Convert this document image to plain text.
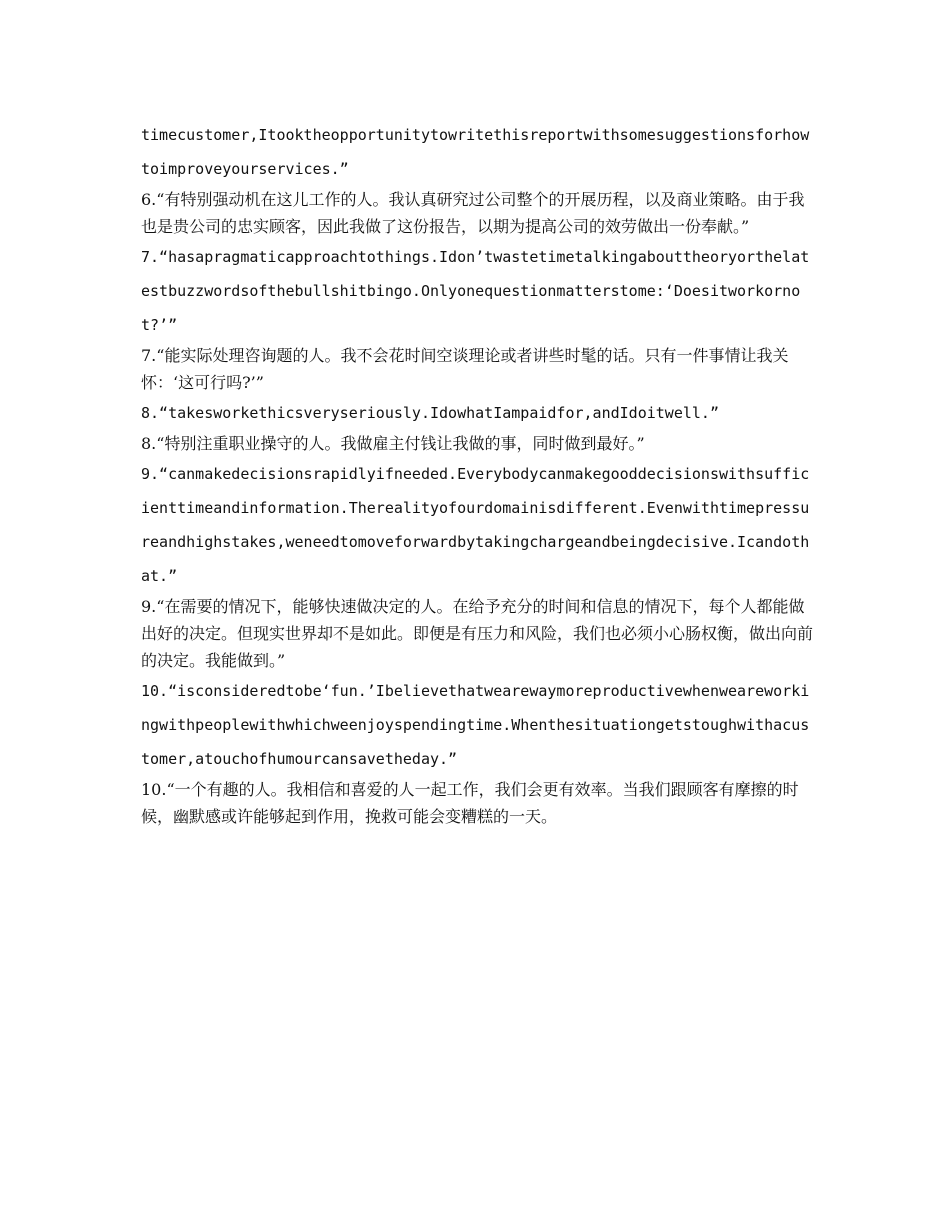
timecustomer,Itooktheopportunitytowritethisreportwithsomesuggestionsforhowtoimproveyourservices.”

6.“有特别强动机在这儿工作的人。我认真研究过公司整个的开展历程，以及商业策略。由于我也是贵公司的忠实顾客，因此我做了这份报告，以期为提高公司的效劳做出一份奉献。”

7.“hasapragmaticapproachtothings.Idon’twastetimetalkingabouttheoryorthelatestbuzzwordsofthebullshitbingo.Onlyonequestionmatterstome:‘Doesitworkornot?’”

7.“能实际处理咨询题的人。我不会花时间空谈理论或者讲些时髦的话。只有一件事情让我关怀：‘这可行吗?’”

8.“takesworkethicsveryseriously.IdowhatIampaidfor,andIdoitwell.”

8.“特别注重职业操守的人。我做雇主付钱让我做的事，同时做到最好。”

9.“canmakedecisionsrapidlyifneeded.Everybodycanmakegooddecisionswithsufficienttimeandinformation.Therealityofourdomainisdifferent.Evenwithtimepressureandhighstakes,weneedtomoveforwardbytakingchargeandbeingdecisive.Icandothat.”

9.“在需要的情况下，能够快速做决定的人。在给予充分的时间和信息的情况下，每个人都能做出好的决定。但现实世界却不是如此。即便是有压力和风险，我们也必须小心肠权衡，做出向前的决定。我能做到。”

10.“isconsideredtobe‘fun.’Ibelievethatwearewaymoreproductivewhenweareworkingwithpeoplewithwhichweenjoyspendingtime.Whenthesituationgetstoughwithacustomer,atouchofhumourcansavetheday.”

10.“一个有趣的人。我相信和喜爱的人一起工作，我们会更有效率。当我们跟顾客有摩擦的时候，幽默感或许能够起到作用，挽救可能会变糟糕的一天。
